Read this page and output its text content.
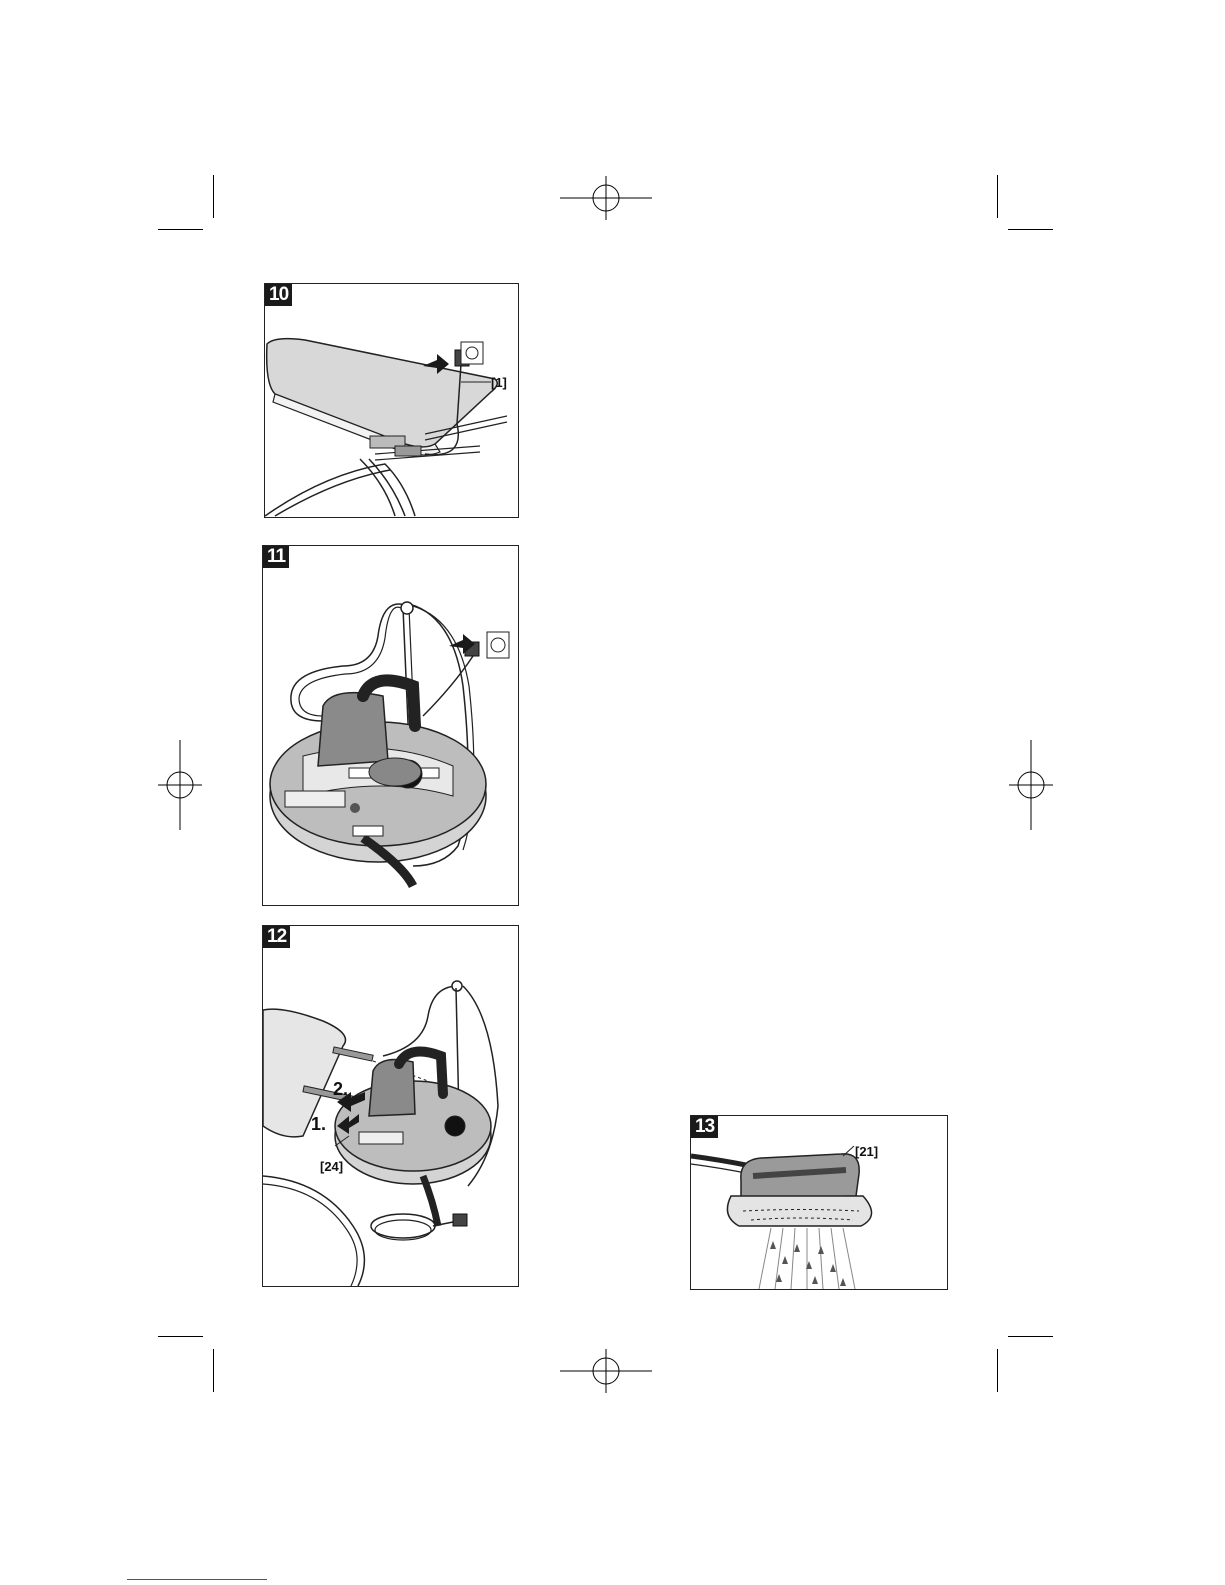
10
[1]
11
12
2.
1.
[24]
13
[21]
